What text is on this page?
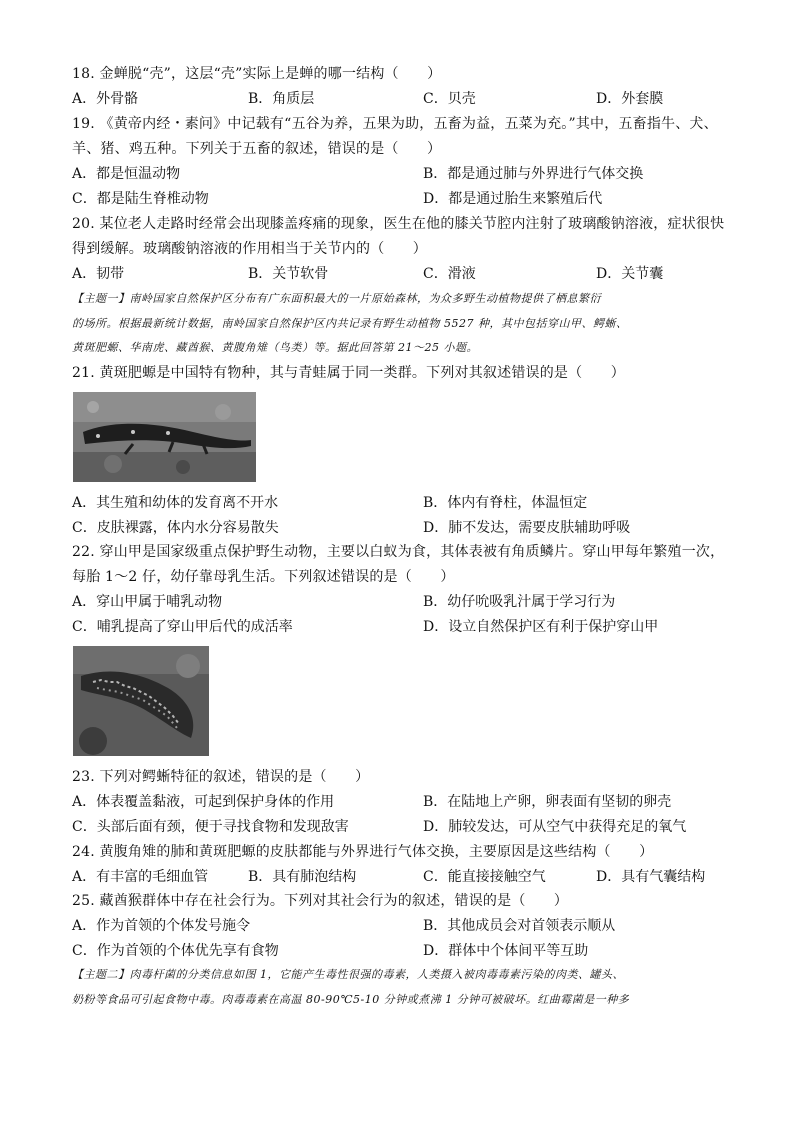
18. 金蝉脱“壳”，这层“壳”实际上是蝉的哪一结构（　　）
A．外骨骼	B．角质层	C．贝壳	D．外套膜
19. 《黄帝内经・素问》中记载有“五谷为养，五果为助，五畜为益，五菜为充。”其中，五畜指牛、犬、
羊、猪、鸡五种。下列关于五畜的叙述，错误的是（　　）
A．都是恒温动物	B．都是通过肺与外界进行气体交换
C．都是陆生脊椎动物	D．都是通过胎生来繁殖后代
20. 某位老人走路时经常会出现膝盖疼痛的现象，医生在他的膝关节腔内注射了玻璃酸钠溶液，症状很快
得到缓解。玻璃酸钠溶液的作用相当于关节内的（　　）
A．韧带	B．关节软骨	C．滑液	D．关节囊
【主题一】南岭国家自然保护区分布有广东面积最大的一片原始森林，为众多野生动植物提供了栖息繁衍
的场所。根据最新统计数据，南岭国家自然保护区内共记录有野生动植物 5527 种，其中包括穿山甲、鳄蜥、
黄斑肥螈、华南虎、藏酋猴、黄腹角雉（鸟类）等。据此回答第 21～25 小题。
21. 黄斑肥螈是中国特有物种，其与青蛙属于同一类群。下列对其叙述错误的是（　　）
A．其生殖和幼体的发育离不开水	B．体内有脊柱，体温恒定
C．皮肤裸露，体内水分容易散失	D．肺不发达，需要皮肤辅助呼吸
22. 穿山甲是国家级重点保护野生动物，主要以白蚁为食，其体表被有角质鳞片。穿山甲每年繁殖一次，
每胎 1～2 仔，幼仔靠母乳生活。下列叙述错误的是（　　）
A．穿山甲属于哺乳动物	B．幼仔吮吸乳汁属于学习行为
C．哺乳提高了穿山甲后代的成活率	D．设立自然保护区有利于保护穿山甲
23. 下列对鳄蜥特征的叙述，错误的是（　　）
A．体表覆盖黏液，可起到保护身体的作用	B．在陆地上产卵，卵表面有坚韧的卵壳
C．头部后面有颈，便于寻找食物和发现敌害	D．肺较发达，可从空气中获得充足的氧气
24. 黄腹角雉的肺和黄斑肥螈的皮肤都能与外界进行气体交换，主要原因是这些结构（　　）
A．有丰富的毛细血管	B．具有肺泡结构	C．能直接接触空气	D．具有气囊结构
25. 藏酋猴群体中存在社会行为。下列对其社会行为的叙述，错误的是（　　）
A．作为首领的个体发号施令	B．其他成员会对首领表示顺从
C．作为首领的个体优先享有食物	D．群体中个体间平等互助
【主题二】肉毒杆菌的分类信息如图 1，它能产生毒性很强的毒素，人类摄入被肉毒毒素污染的肉类、罐头、
奶粉等食品可引起食物中毒。肉毒毒素在高温 80-90℃5-10 分钟或煮沸 1 分钟可被破坏。红曲霉菌是一种多
